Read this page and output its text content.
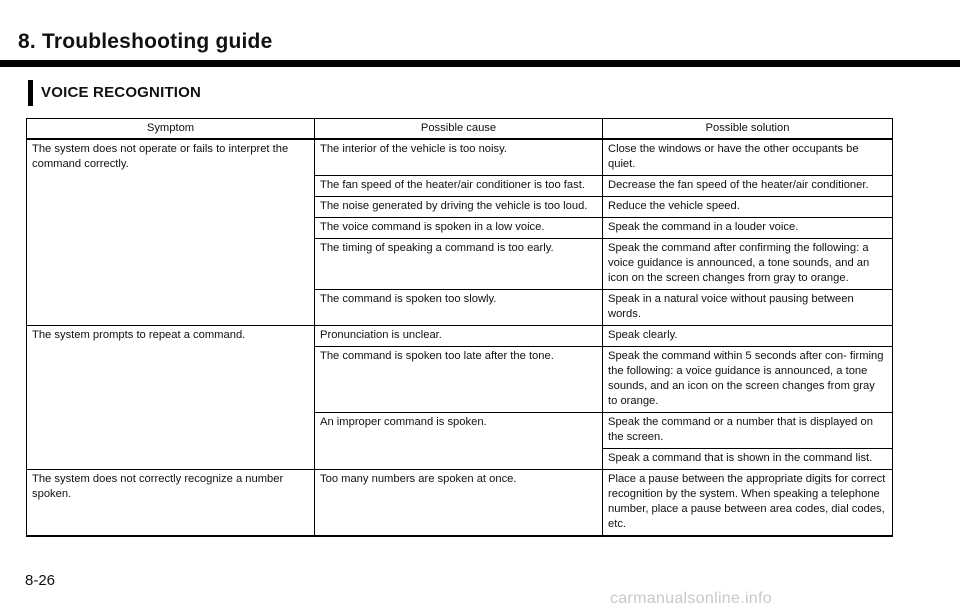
8. Troubleshooting guide
VOICE RECOGNITION
Symptom	Possible cause	Possible solution
The system does not operate or fails to interpret the command correctly.	The interior of the vehicle is too noisy.	Close the windows or have the other occupants be quiet.
	The fan speed of the heater/air conditioner is too fast.	Decrease the fan speed of the heater/air conditioner.
	The noise generated by driving the vehicle is too loud.	Reduce the vehicle speed.
	The voice command is spoken in a low voice.	Speak the command in a louder voice.
	The timing of speaking a command is too early.	Speak the command after confirming the following: a voice guidance is announced, a tone sounds, and an icon on the screen changes from gray to orange.
	The command is spoken too slowly.	Speak in a natural voice without pausing between words.
The system prompts to repeat a command.	Pronunciation is unclear.	Speak clearly.
	The command is spoken too late after the tone.	Speak the command within 5 seconds after con- firming the following: a voice guidance is announced, a tone sounds, and an icon on the screen changes from gray to orange.
	An improper command is spoken.	Speak the command or a number that is displayed on the screen.
		Speak a command that is shown in the command list.
The system does not correctly recognize a number spoken.	Too many numbers are spoken at once.	Place a pause between the appropriate digits for correct recognition by the system. When speaking a telephone number, place a pause between area codes, dial codes, etc.
8-26
carmanualsonline.info
